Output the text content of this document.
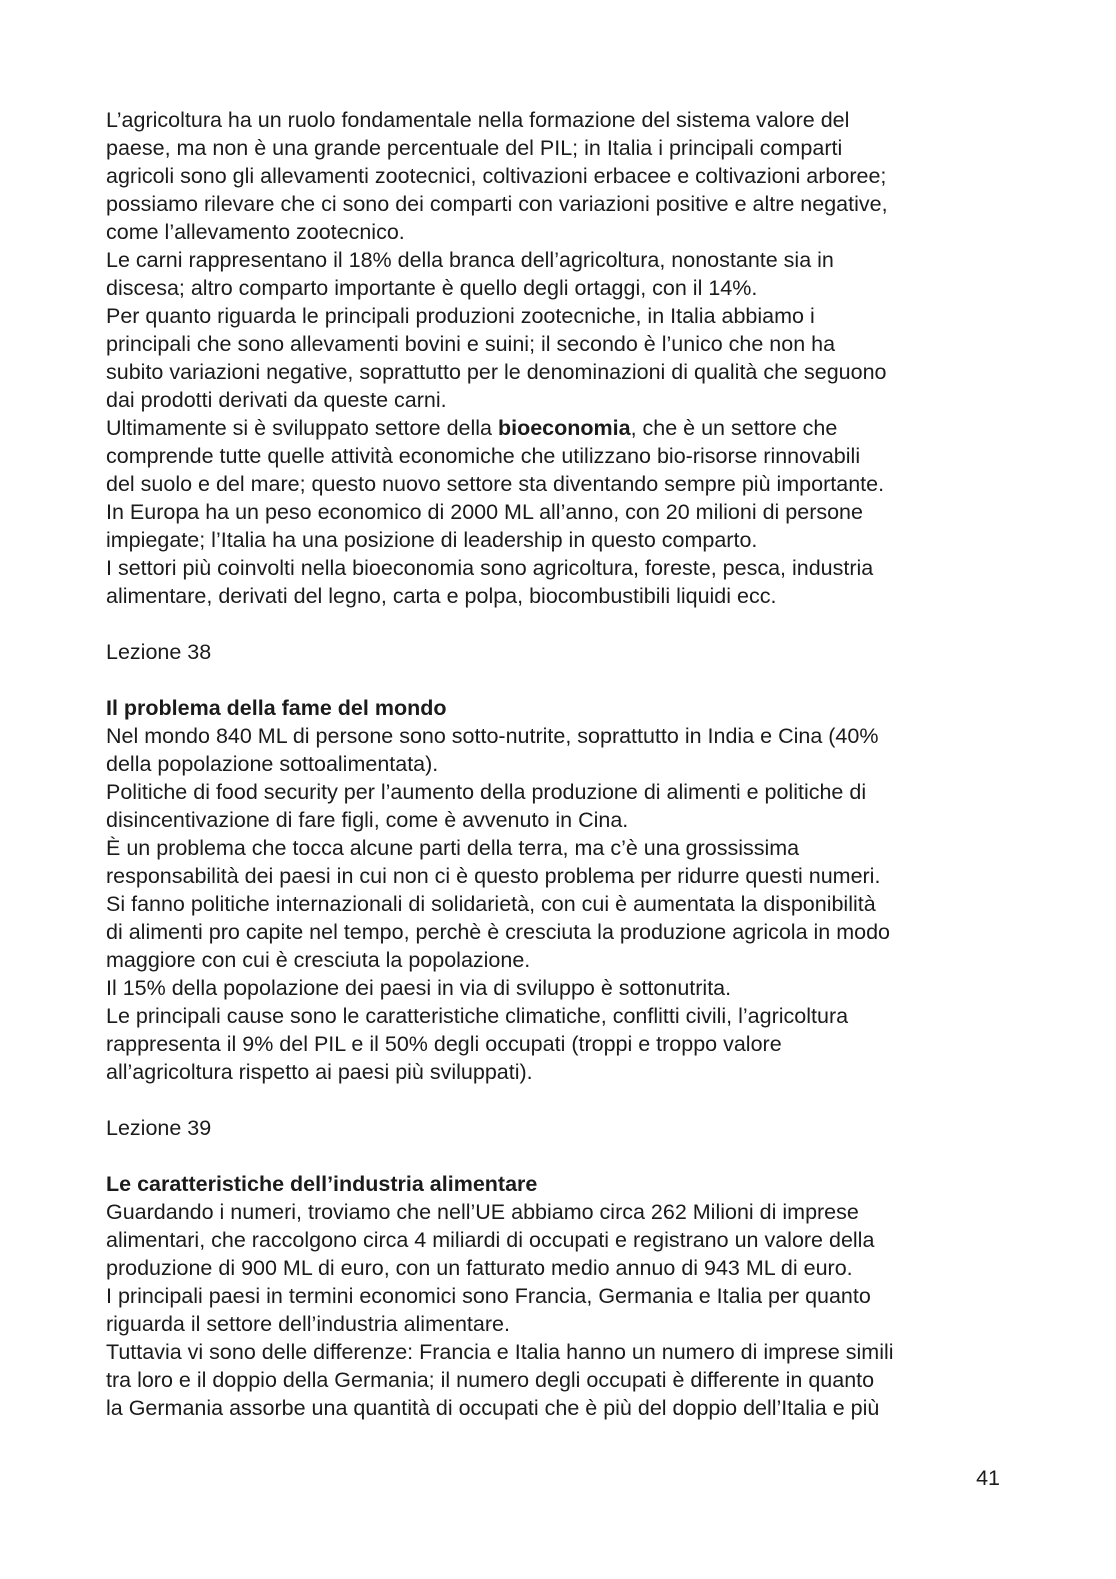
L’agricoltura ha un ruolo fondamentale nella formazione del sistema valore del
paese, ma non è una grande percentuale del PIL; in Italia i principali comparti
agricoli sono gli allevamenti zootecnici, coltivazioni erbacee e coltivazioni arboree;
possiamo rilevare che ci sono dei comparti con variazioni positive e altre negative,
come l’allevamento zootecnico.
Le carni rappresentano il 18% della branca dell’agricoltura, nonostante sia in
discesa; altro comparto importante è quello degli ortaggi, con il 14%.
Per quanto riguarda le principali produzioni zootecniche, in Italia abbiamo i
principali che sono allevamenti bovini e suini; il secondo è l’unico che non ha
subito variazioni negative, soprattutto per le denominazioni di qualità che seguono
dai prodotti derivati da queste carni.
Ultimamente si è sviluppato settore della bioeconomia, che è un settore che
comprende tutte quelle attività economiche che utilizzano bio-risorse rinnovabili
del suolo e del mare; questo nuovo settore sta diventando sempre più importante.
In Europa ha un peso economico di 2000 ML all’anno, con 20 milioni di persone
impiegate; l’Italia ha una posizione di leadership in questo comparto.
I settori più coinvolti nella bioeconomia sono agricoltura, foreste, pesca, industria
alimentare, derivati del legno, carta e polpa, biocombustibili liquidi ecc.

Lezione 38

Il problema della fame del mondo
Nel mondo 840 ML di persone sono sotto-nutrite, soprattutto in India e Cina (40%
della popolazione sottoalimentata).
Politiche di food security per l’aumento della produzione di alimenti e politiche di
disincentivazione di fare figli, come è avvenuto in Cina.
È un problema che tocca alcune parti della terra, ma c’è una grossissima
responsabilità dei paesi in cui non ci è questo problema per ridurre questi numeri.
Si fanno politiche internazionali di solidarietà, con cui è aumentata la disponibilità
di alimenti pro capite nel tempo, perchè è cresciuta la produzione agricola in modo
maggiore con cui è cresciuta la popolazione.
Il 15% della popolazione dei paesi in via di sviluppo è sottonutrita.
Le principali cause sono le caratteristiche climatiche, conflitti civili, l’agricoltura
rappresenta il 9% del PIL e il 50% degli occupati (troppi e troppo valore
all’agricoltura rispetto ai paesi più sviluppati).

Lezione 39

Le caratteristiche dell’industria alimentare
Guardando i numeri, troviamo che nell’UE abbiamo circa 262 Milioni di imprese
alimentari, che raccolgono circa 4 miliardi di occupati e registrano un valore della
produzione di 900 ML di euro, con un fatturato medio annuo di 943 ML di euro.
I principali paesi in termini economici sono Francia, Germania e Italia per quanto
riguarda il settore dell’industria alimentare.
Tuttavia vi sono delle differenze: Francia e Italia hanno un numero di imprese simili
tra loro e il doppio della Germania; il numero degli occupati è differente in quanto
la Germania assorbe una quantità di occupati che è più del doppio dell’Italia e più
41
